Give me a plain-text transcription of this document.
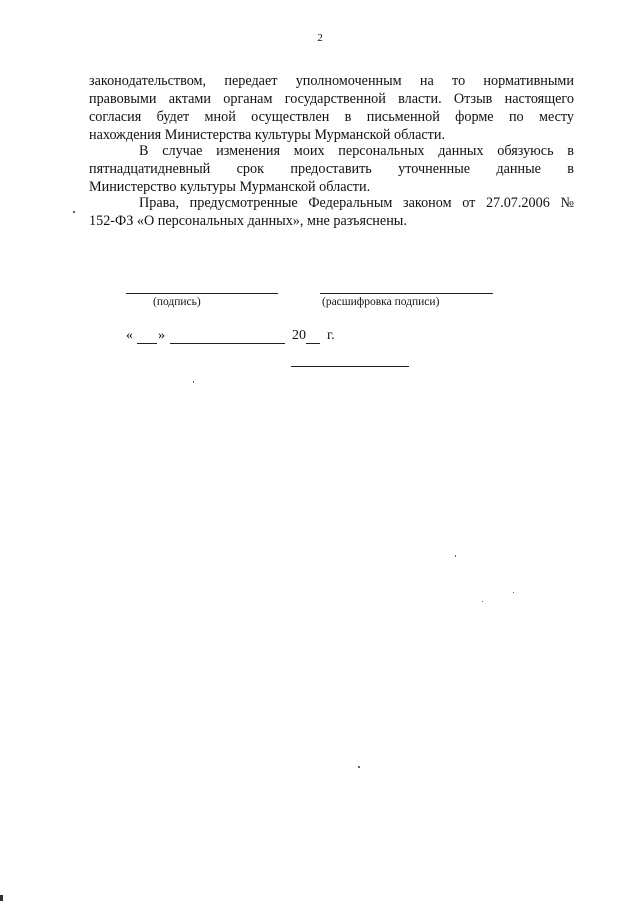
2
законодательством, передает уполномоченным на то нормативными
правовыми актами органам государственной власти. Отзыв настоящего
согласия будет мной осуществлен в письменной форме по месту
нахождения Министерства культуры Мурманской области.
В случае изменения моих персональных данных обязуюсь в
пятнадцатидневный срок предоставить уточненные данные в
Министерство культуры Мурманской области.
Права, предусмотренные Федеральным законом от 27.07.2006 №
152-ФЗ «О персональных данных», мне разъяснены.
(подпись)	(расшифровка подписи)
« »	20 г.
